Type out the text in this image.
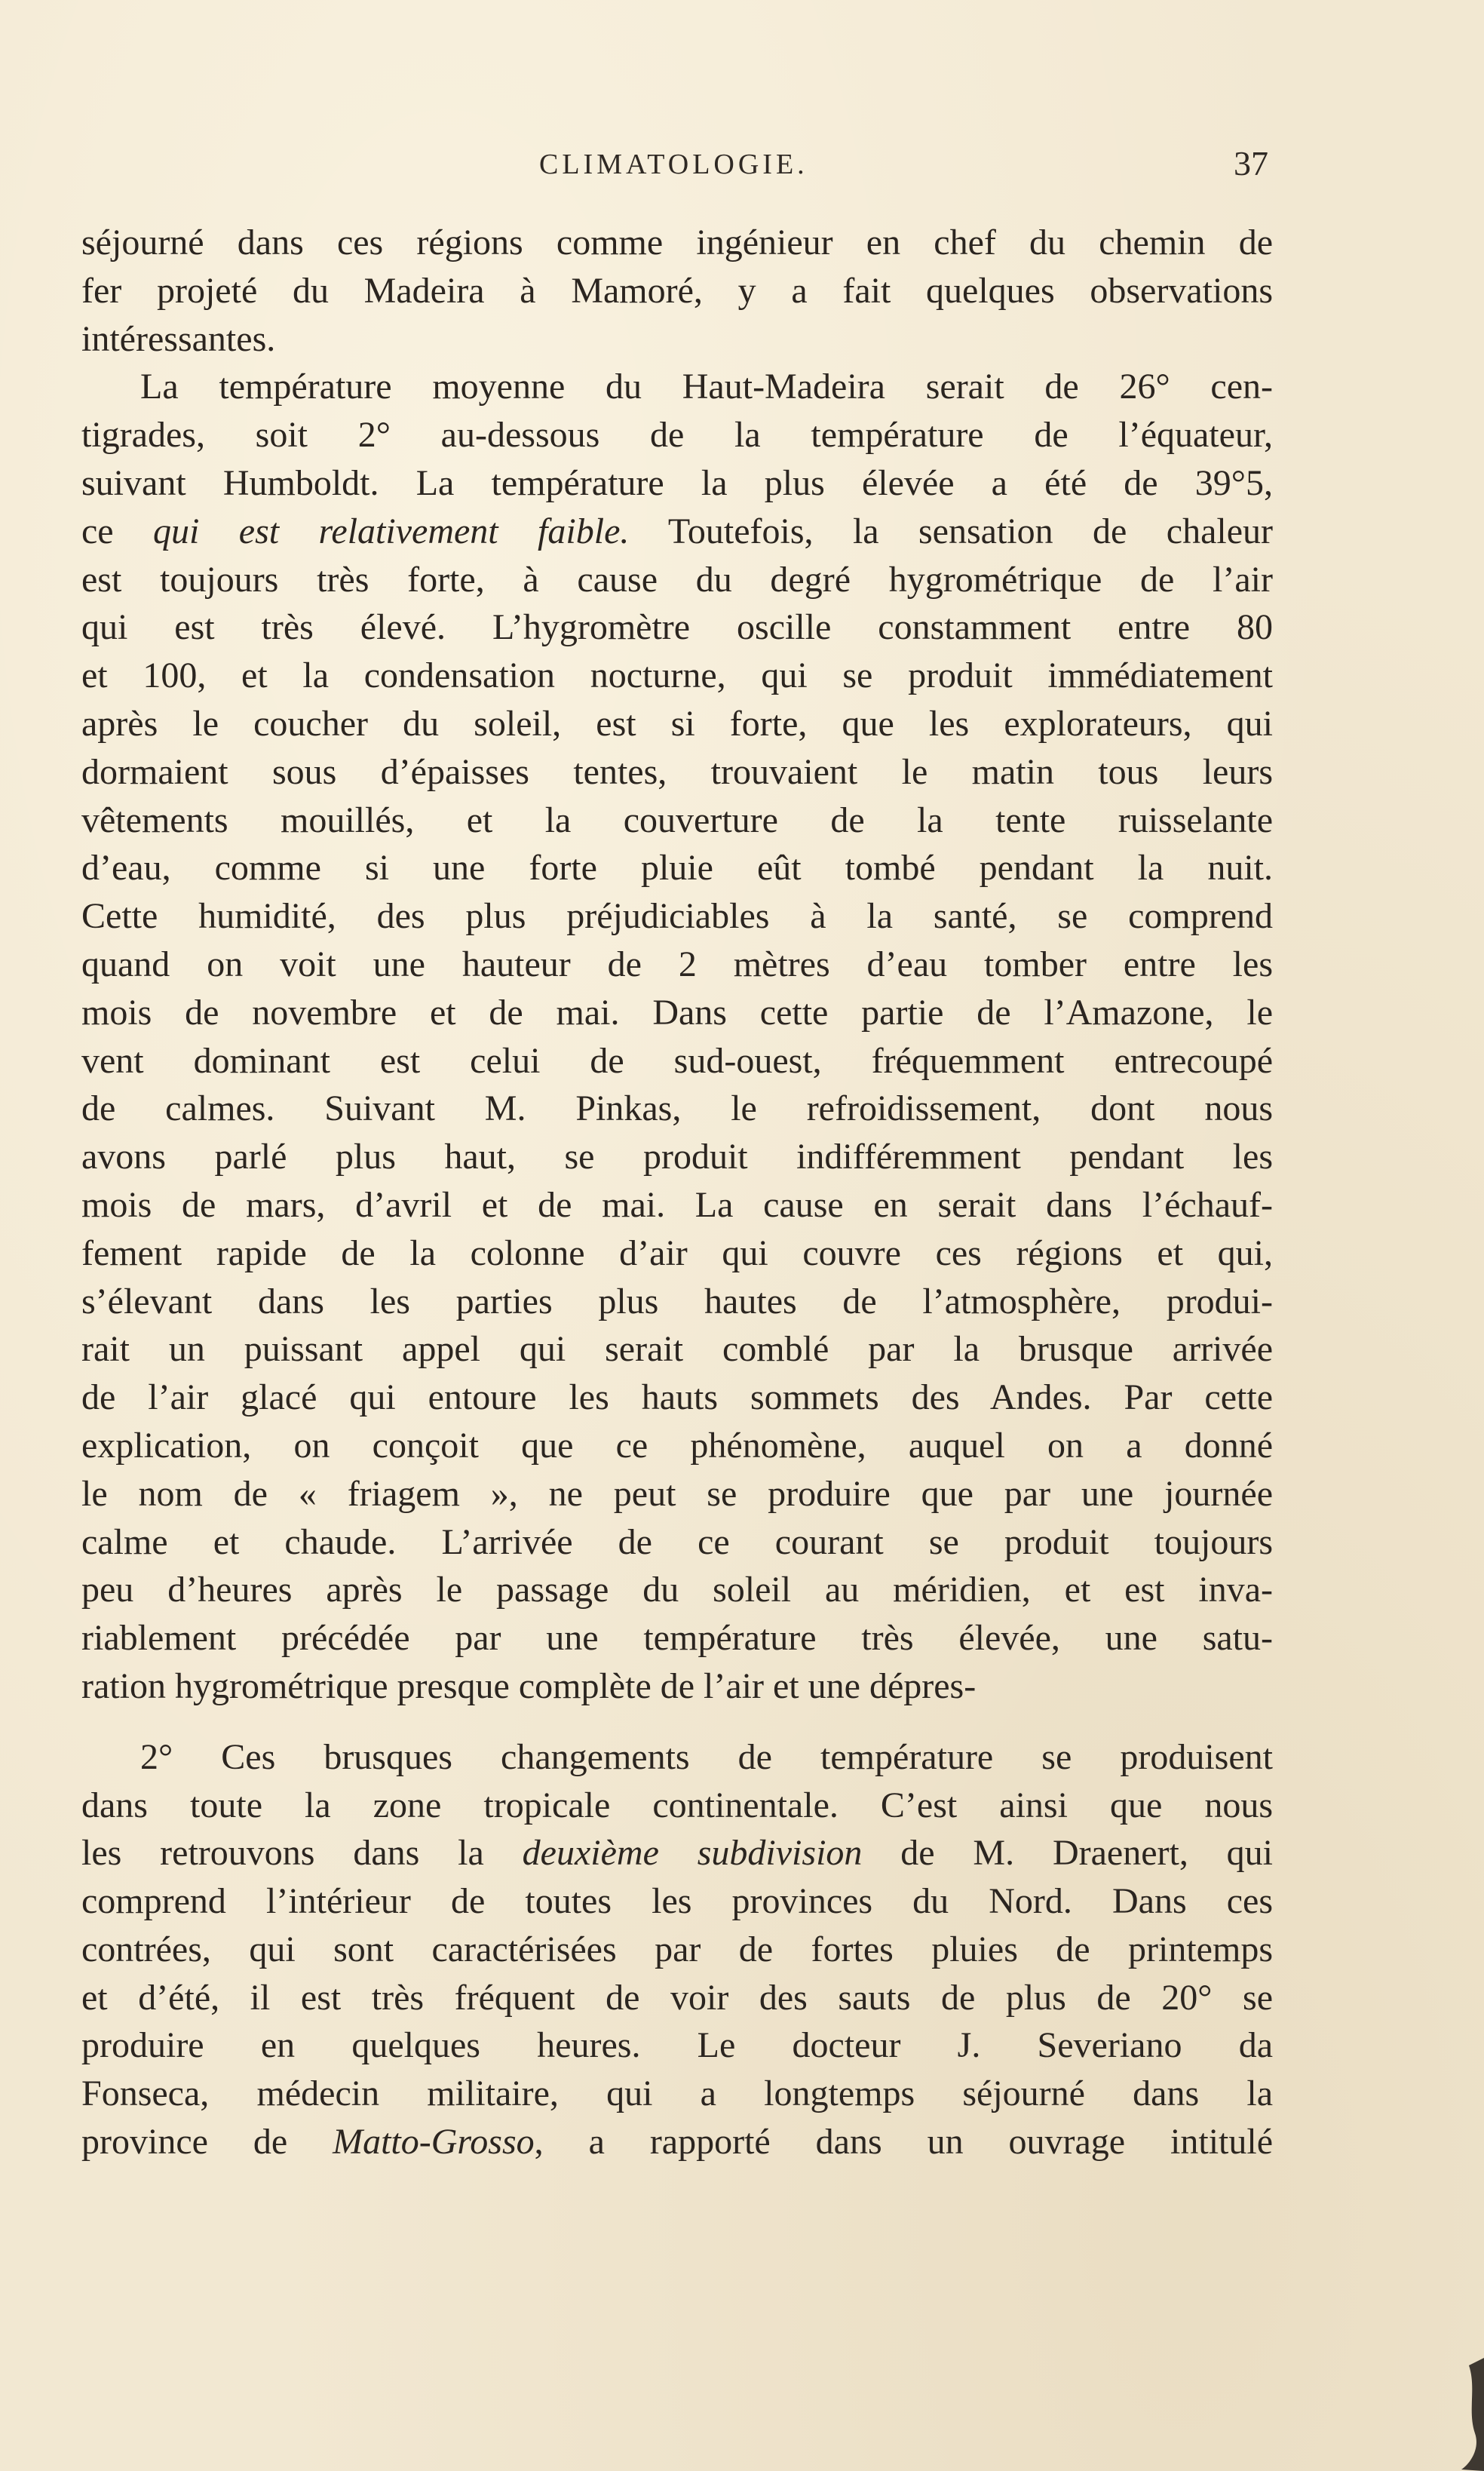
CLIMATOLOGIE.	37
séjourné dans ces régions comme ingénieur en chef du chemin de
fer projeté du Madeira à Mamoré, y a fait quelques observations
intéressantes.
La température moyenne du Haut-Madeira serait de 26° cen-
tigrades, soit 2° au-dessous de la température de l’équateur,
suivant Humboldt. La température la plus élevée a été de 39°5,
ce qui est relativement faible. Toutefois, la sensation de chaleur
est toujours très forte, à cause du degré hygrométrique de l’air
qui est très élevé. L’hygromètre oscille constamment entre 80
et 100, et la condensation nocturne, qui se produit immédiatement
après le coucher du soleil, est si forte, que les explorateurs, qui
dormaient sous d’épaisses tentes, trouvaient le matin tous leurs
vêtements mouillés, et la couverture de la tente ruisselante
d’eau, comme si une forte pluie eût tombé pendant la nuit.
Cette humidité, des plus préjudiciables à la santé, se comprend
quand on voit une hauteur de 2 mètres d’eau tomber entre les
mois de novembre et de mai. Dans cette partie de l’Amazone, le
vent dominant est celui de sud-ouest, fréquemment entrecoupé
de calmes. Suivant M. Pinkas, le refroidissement, dont nous
avons parlé plus haut, se produit indifféremment pendant les
mois de mars, d’avril et de mai. La cause en serait dans l’échauf-
fement rapide de la colonne d’air qui couvre ces régions et qui,
s’élevant dans les parties plus hautes de l’atmosphère, produi-
rait un puissant appel qui serait comblé par la brusque arrivée
de l’air glacé qui entoure les hauts sommets des Andes. Par cette
explication, on conçoit que ce phénomène, auquel on a donné
le nom de « friagem », ne peut se produire que par une journée
calme et chaude. L’arrivée de ce courant se produit toujours
peu d’heures après le passage du soleil au méridien, et est inva-
riablement précédée par une température très élevée, une satu-
ration hygrométrique presque complète de l’air et une dépres-
2° Ces brusques changements de température se produisent
dans toute la zone tropicale continentale. C’est ainsi que nous
les retrouvons dans la deuxième subdivision de M. Draenert, qui
comprend l’intérieur de toutes les provinces du Nord. Dans ces
contrées, qui sont caractérisées par de fortes pluies de printemps
et d’été, il est très fréquent de voir des sauts de plus de 20° se
produire en quelques heures. Le docteur J. Severiano da
Fonseca, médecin militaire, qui a longtemps séjourné dans la
province de Matto-Grosso, a rapporté dans un ouvrage intitulé
